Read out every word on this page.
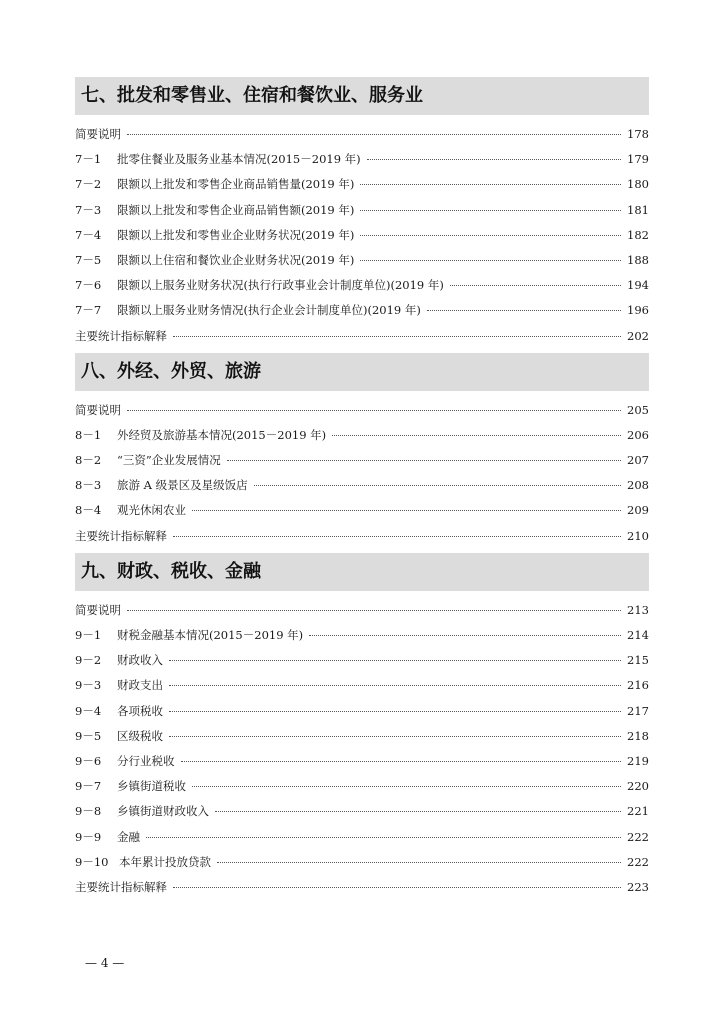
七、批发和零售业、住宿和餐饮业、服务业
简要说明	178
7－1	批零住餐业及服务业基本情况(2015－2019 年)	179
7－2	限额以上批发和零售企业商品销售量(2019 年)	180
7－3	限额以上批发和零售企业商品销售额(2019 年)	181
7－4	限额以上批发和零售业企业财务状况(2019 年)	182
7－5	限额以上住宿和餐饮业企业财务状况(2019 年)	188
7－6	限额以上服务业财务状况(执行行政事业会计制度单位)(2019 年)	194
7－7	限额以上服务业财务情况(执行企业会计制度单位)(2019 年)	196
主要统计指标解释	202
八、外经、外贸、旅游
简要说明	205
8－1	外经贸及旅游基本情况(2015－2019 年)	206
8－2	“三资”企业发展情况	207
8－3	旅游 A 级景区及星级饭店	208
8－4	观光休闲农业	209
主要统计指标解释	210
九、财政、税收、金融
简要说明	213
9－1	财税金融基本情况(2015－2019 年)	214
9－2	财政收入	215
9－3	财政支出	216
9－4	各项税收	217
9－5	区级税收	218
9－6	分行业税收	219
9－7	乡镇街道税收	220
9－8	乡镇街道财政收入	221
9－9	金融	222
9－10 本年累计投放贷款	222
主要统计指标解释	223
— 4 —
